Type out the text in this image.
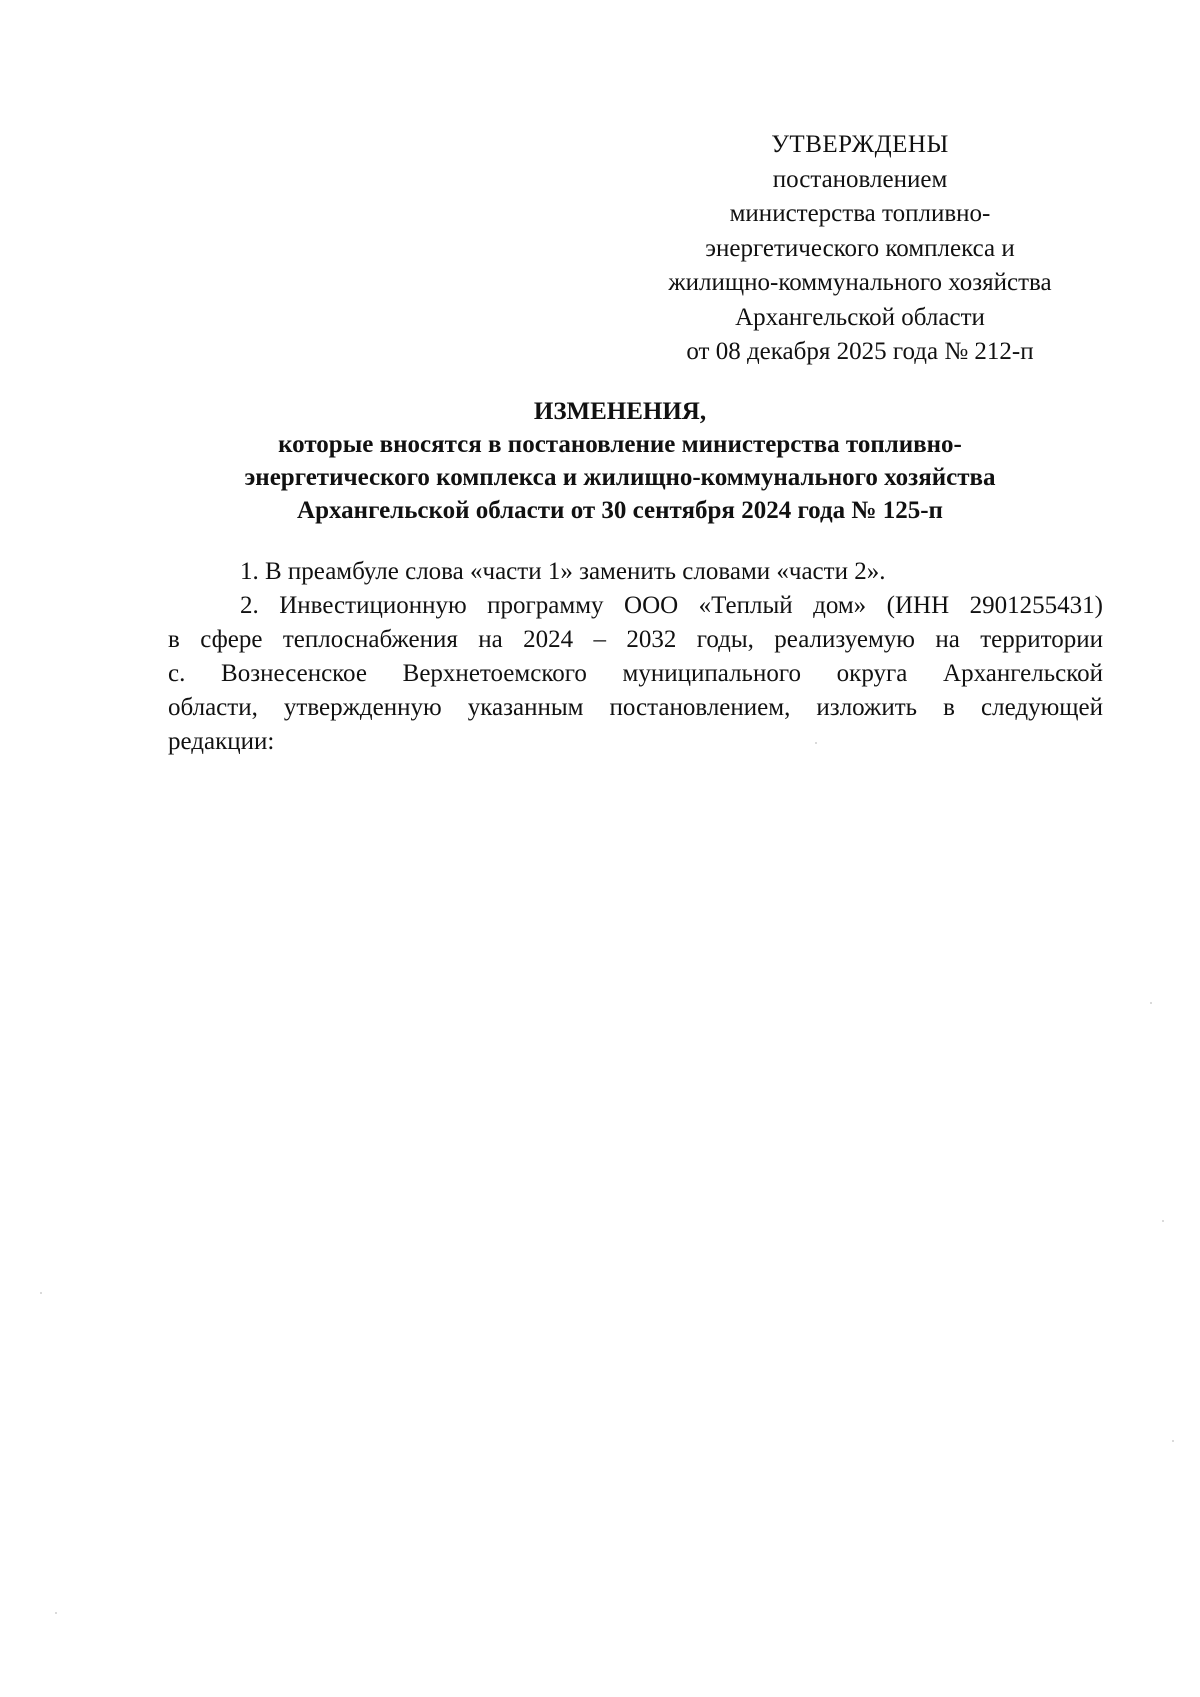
УТВЕРЖДЕНЫ
постановлением
министерства топливно-
энергетического комплекса и
жилищно-коммунального хозяйства
Архангельской области
от 08 декабря 2025 года № 212-п
ИЗМЕНЕНИЯ,
которые вносятся в постановление министерства топливно-
энергетического комплекса и жилищно-коммунального хозяйства
Архангельской области от 30 сентября 2024 года № 125-п
1. В преамбуле слова «части 1» заменить словами «части 2».
2. Инвестиционную программу ООО «Теплый дом» (ИНН 2901255431)
в сфере теплоснабжения на 2024 – 2032 годы, реализуемую на территории
с. Вознесенское Верхнетоемского муниципального округа Архангельской
области, утвержденную указанным постановлением, изложить в следующей
редакции:
